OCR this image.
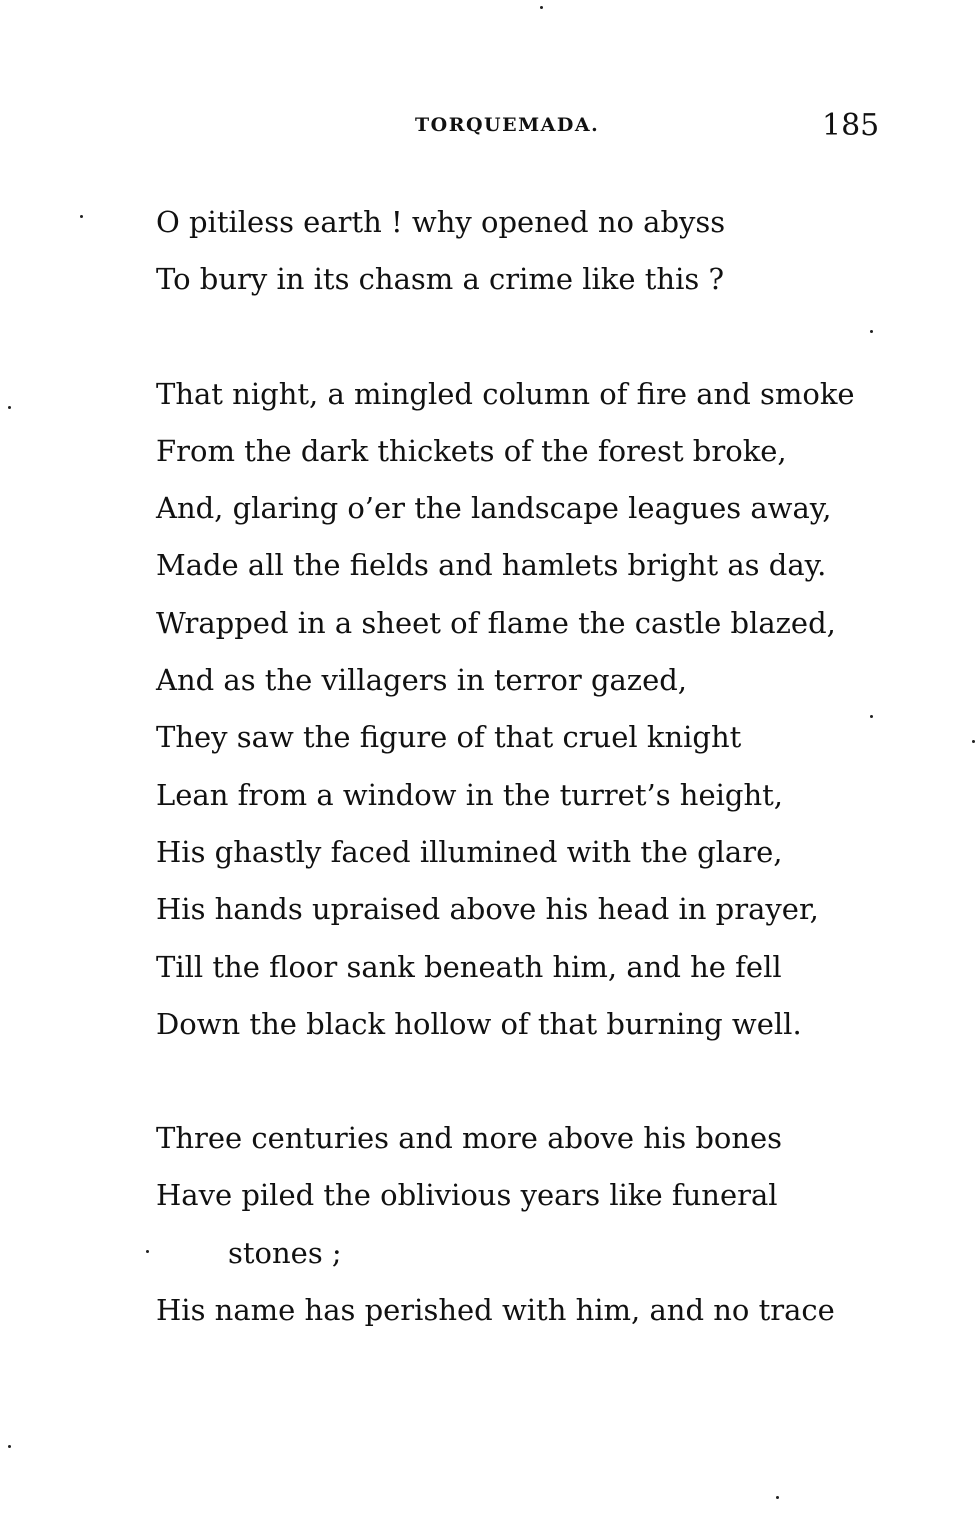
TORQUEMADA.	185

O pitiless earth ! why opened no abyss
To bury in its chasm a crime like this ?

That night, a mingled column of fire and smoke
From the dark thickets of the forest broke,
And, glaring o’er the landscape leagues away,
Made all the fields and hamlets bright as day.
Wrapped in a sheet of flame the castle blazed,
And as the villagers in terror gazed,
They saw the figure of that cruel knight
Lean from a window in the turret’s height,
His ghastly faced illumined with the glare,
His hands upraised above his head in prayer,
Till the floor sank beneath him, and he fell
Down the black hollow of that burning well.

Three centuries and more above his bones
Have piled the oblivious years like funeral
stones ;
His name has perished with him, and no trace
